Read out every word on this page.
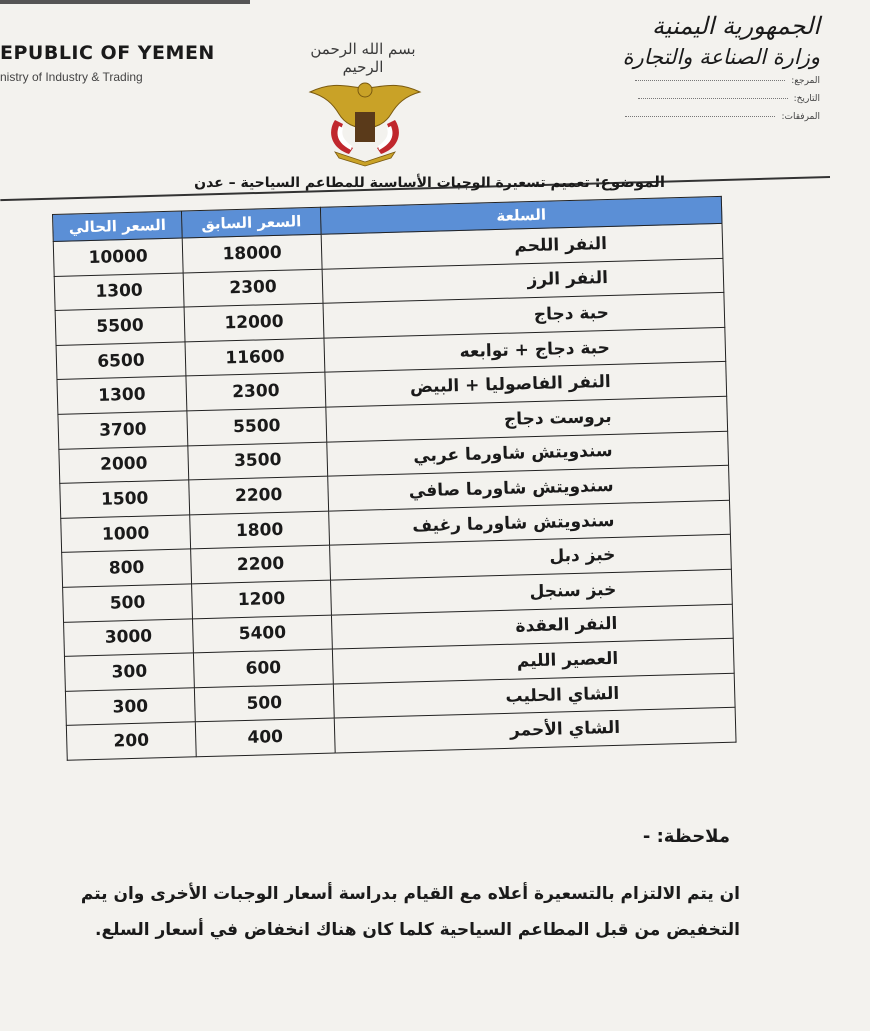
EPUBLIC OF YEMEN
nistry of Industry & Trading
بسم الله الرحمن الرحيم
الجمهورية اليمنية
وزارة الصناعة والتجارة
المرجع:
التاريخ:
المرفقات:
الموضوع: تعميم تسعيرة الوجبات الأساسية للمطاعم السياحية – عدن
السعر الحالي	السعر السابق	السلعة
10000	18000	النفر اللحم
1300	2300	النفر الرز
5500	12000	حبة دجاج
6500	11600	حبة دجاج + توابعه
1300	2300	النفر الفاصوليا + البيض
3700	5500	بروست دجاج
2000	3500	سندويتش شاورما عربي
1500	2200	سندويتش شاورما صافي
1000	1800	سندويتش شاورما رغيف
800	2200	خبز دبل
500	1200	خبز سنجل
3000	5400	النفر العقدة
300	600	العصير الليم
300	500	الشاي الحليب
200	400	الشاي الأحمر
ملاحظة: -
ان يتم الالتزام بالتسعيرة أعلاه مع القيام بدراسة أسعار الوجبات الأخرى وان يتم التخفيض من قبل المطاعم السياحية كلما كان هناك انخفاض في أسعار السلع.
